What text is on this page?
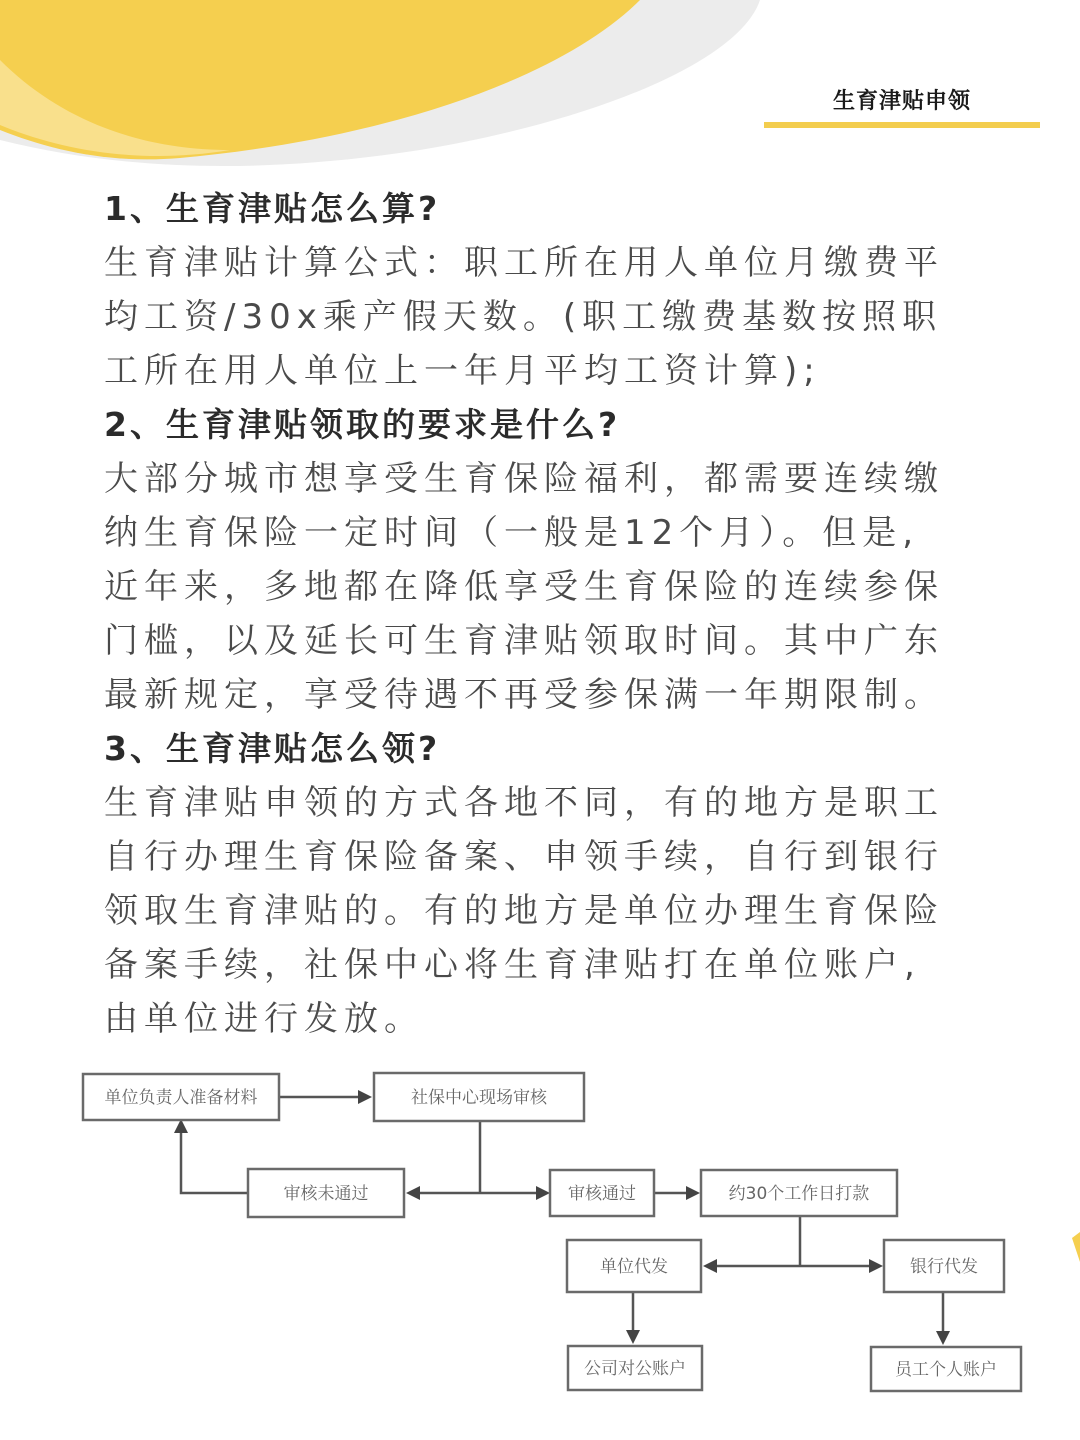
生育津贴申领

1、生育津贴怎么算?

生育津贴计算公式：职工所在用人单位月缴费平

均工资/30x乘产假天数。(职工缴费基数按照职

工所在用人单位上一年月平均工资计算);

2、生育津贴领取的要求是什么?

大部分城市想享受生育保险福利，都需要连续缴

纳生育保险一定时间（一般是12个月）。但是,

近年来，多地都在降低享受生育保险的连续参保

门槛，以及延长可生育津贴领取时间。其中广东

最新规定，享受待遇不再受参保满一年期限制。

3、生育津贴怎么领?

生育津贴申领的方式各地不同，有的地方是职工

自行办理生育保险备案、申领手续，自行到银行

领取生育津贴的。有的地方是单位办理生育保险

备案手续，社保中心将生育津贴打在单位账户,

由单位进行发放。

单位负责人准备材料	社保中心现场审核
审核未通过	审核通过	约30个工作日打款
单位代发	银行代发
公司对公账户	员工个人账户
